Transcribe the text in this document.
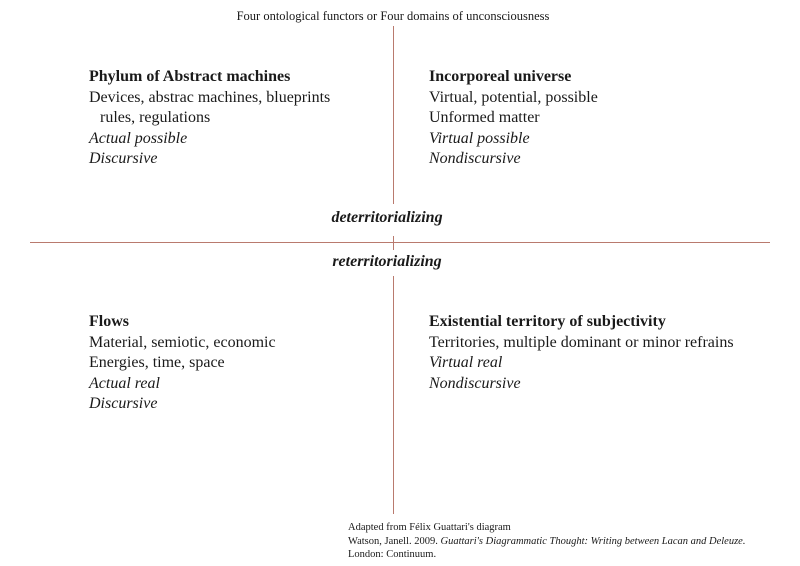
Four ontological functors or Four domains of unconsciousness
deterritorializing
reterritorializing
Phylum of Abstract machines
Devices, abstrac machines, blueprints
rules, regulations
Actual possible
Discursive
Incorporeal universe
Virtual, potential, possible
Unformed matter
Virtual possible
Nondiscursive
Flows
Material, semiotic, economic
Energies, time, space
Actual real
Discursive
Existential territory of subjectivity
Territories, multiple dominant or minor refrains
Virtual real
Nondiscursive
Adapted from Félix Guattari's diagram
Watson, Janell. 2009. Guattari's Diagrammatic Thought: Writing between Lacan and Deleuze.
London: Continuum.
